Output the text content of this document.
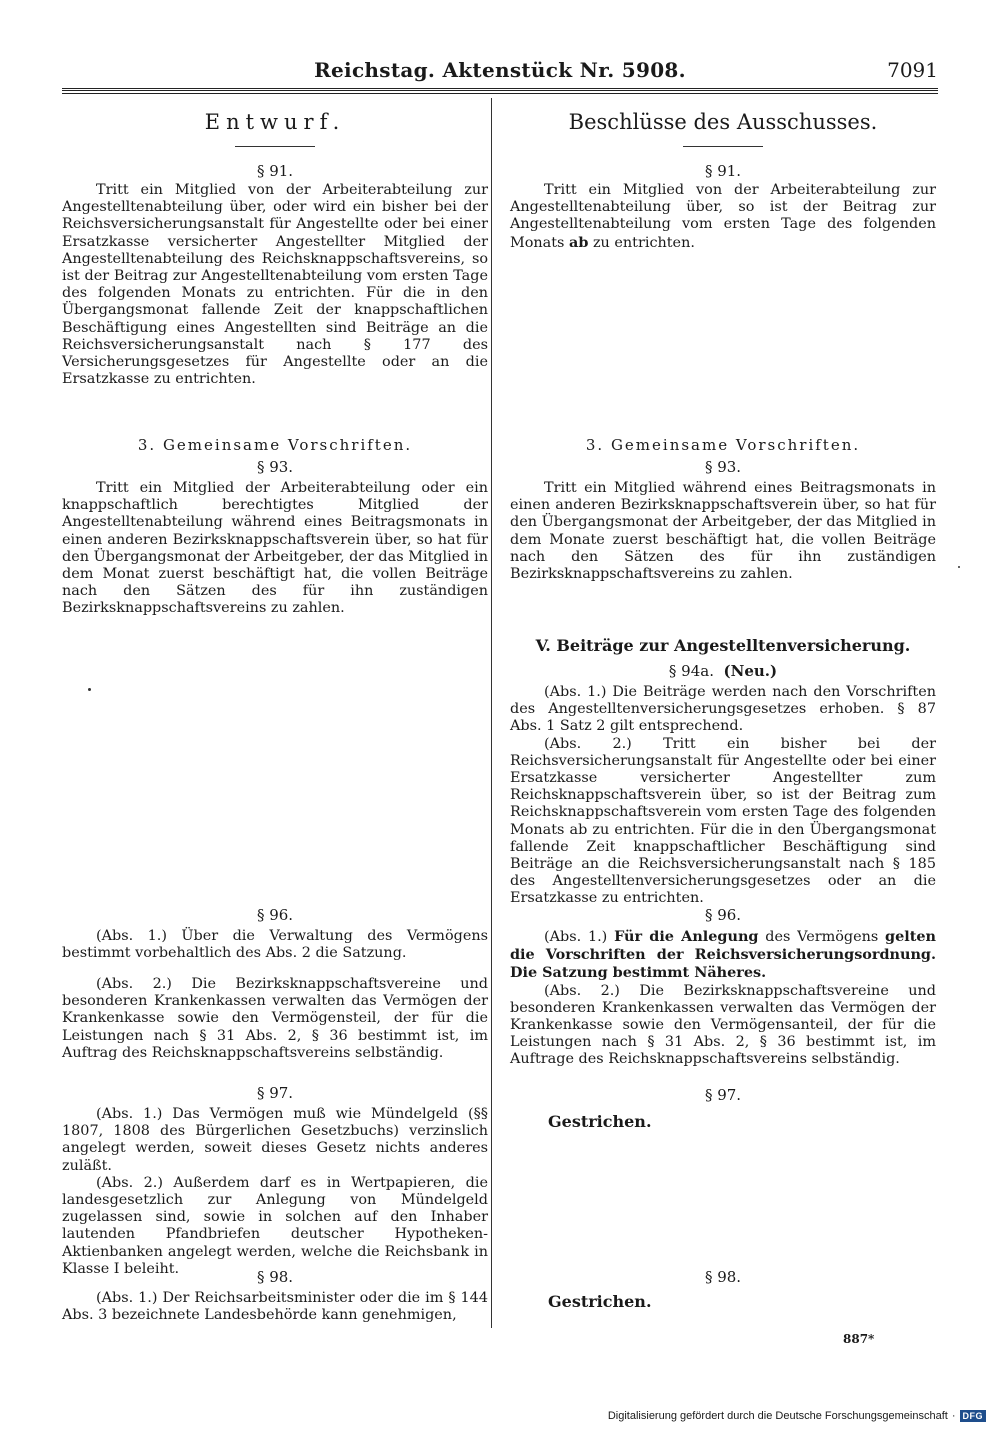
Reichstag. Aktenstück Nr. 5908.	7091
Entwurf.
§ 91.

Tritt ein Mitglied von der Arbeiterabteilung zur Angestelltenabteilung über, oder wird ein bisher bei der Reichsversicherungsanstalt für Angestellte oder bei einer Ersatzkasse versicherter Angestellter Mitglied der Angestelltenabteilung des Reichsknappschaftsvereins, so ist der Beitrag zur Angestelltenabteilung vom ersten Tage des folgenden Monats zu entrichten. Für die in den Übergangsmonat fallende Zeit der knappschaftlichen Beschäftigung eines Angestellten sind Beiträge an die Reichsversicherungsanstalt nach § 177 des Versicherungsgesetzes für Angestellte oder an die Ersatzkasse zu entrichten.

3. Gemeinsame Vorschriften.
§ 93.

Tritt ein Mitglied der Arbeiterabteilung oder ein knappschaftlich berechtigtes Mitglied der Angestelltenabteilung während eines Beitragsmonats in einen anderen Bezirksknappschaftsverein über, so hat für den Übergangsmonat der Arbeitgeber, der das Mitglied in dem Monat zuerst beschäftigt hat, die vollen Beiträge nach den Sätzen des für ihn zuständigen Bezirksknappschaftsvereins zu zahlen.

§ 96.

(Abs. 1.) Über die Verwaltung des Vermögens bestimmt vorbehaltlich des Abs. 2 die Satzung.

(Abs. 2.) Die Bezirksknappschaftsvereine und besonderen Krankenkassen verwalten das Vermögen der Krankenkasse sowie den Vermögensteil, der für die Leistungen nach § 31 Abs. 2, § 36 bestimmt ist, im Auftrag des Reichsknappschaftsvereins selbständig.

§ 97.

(Abs. 1.) Das Vermögen muß wie Mündelgeld (§§ 1807, 1808 des Bürgerlichen Gesetzbuchs) verzinslich angelegt werden, soweit dieses Gesetz nichts anderes zuläßt.

(Abs. 2.) Außerdem darf es in Wertpapieren, die landesgesetzlich zur Anlegung von Mündelgeld zugelassen sind, sowie in solchen auf den Inhaber lautenden Pfandbriefen deutscher Hypotheken-Aktienbanken angelegt werden, welche die Reichsbank in Klasse I beleiht.	§ 98.

(Abs. 1.) Der Reichsarbeitsminister oder die im § 144 Abs. 3 bezeichnete Landesbehörde kann genehmigen,

Beschlüsse des Ausschusses.
§ 91.

Tritt ein Mitglied von der Arbeiterabteilung zur Angestelltenabteilung über, so ist der Beitrag zur Angestelltenabteilung vom ersten Tage des folgenden Monats ab zu entrichten.

3. Gemeinsame Vorschriften.
§ 93.

Tritt ein Mitglied während eines Beitragsmonats in einen anderen Bezirksknappschaftsverein über, so hat für den Übergangsmonat der Arbeitgeber, der das Mitglied in dem Monate zuerst beschäftigt hat, die vollen Beiträge nach den Sätzen des für ihn zuständigen Bezirksknappschaftsvereins zu zahlen.

V. Beiträge zur Angestelltenversicherung.
§ 94a. (Neu.)

(Abs. 1.) Die Beiträge werden nach den Vorschriften des Angestelltenversicherungsgesetzes erhoben. § 87 Abs. 1 Satz 2 gilt entsprechend.

(Abs. 2.) Tritt ein bisher bei der Reichsversicherungsanstalt für Angestellte oder bei einer Ersatzkasse versicherter Angestellter zum Reichsknappschaftsverein über, so ist der Beitrag zum Reichsknappschaftsverein vom ersten Tage des folgenden Monats ab zu entrichten. Für die in den Übergangsmonat fallende Zeit knappschaftlicher Beschäftigung sind Beiträge an die Reichsversicherungsanstalt nach § 185 des Angestelltenversicherungsgesetzes oder an die Ersatzkasse zu entrichten.

§ 96.

(Abs. 1.) Für die Anlegung des Vermögens gelten die Vorschriften der Reichsversicherungsordnung. Die Satzung bestimmt Näheres.

(Abs. 2.) Die Bezirksknappschaftsvereine und besonderen Krankenkassen verwalten das Vermögen der Krankenkasse sowie den Vermögensanteil, der für die Leistungen nach § 31 Abs. 2, § 36 bestimmt ist, im Auftrage des Reichsknappschaftsvereins selbständig.

§ 97.
Gestrichen.
§ 98.
Gestrichen.
887*
Digitalisierung gefördert durch die Deutsche Forschungsgemeinschaft · DFG
